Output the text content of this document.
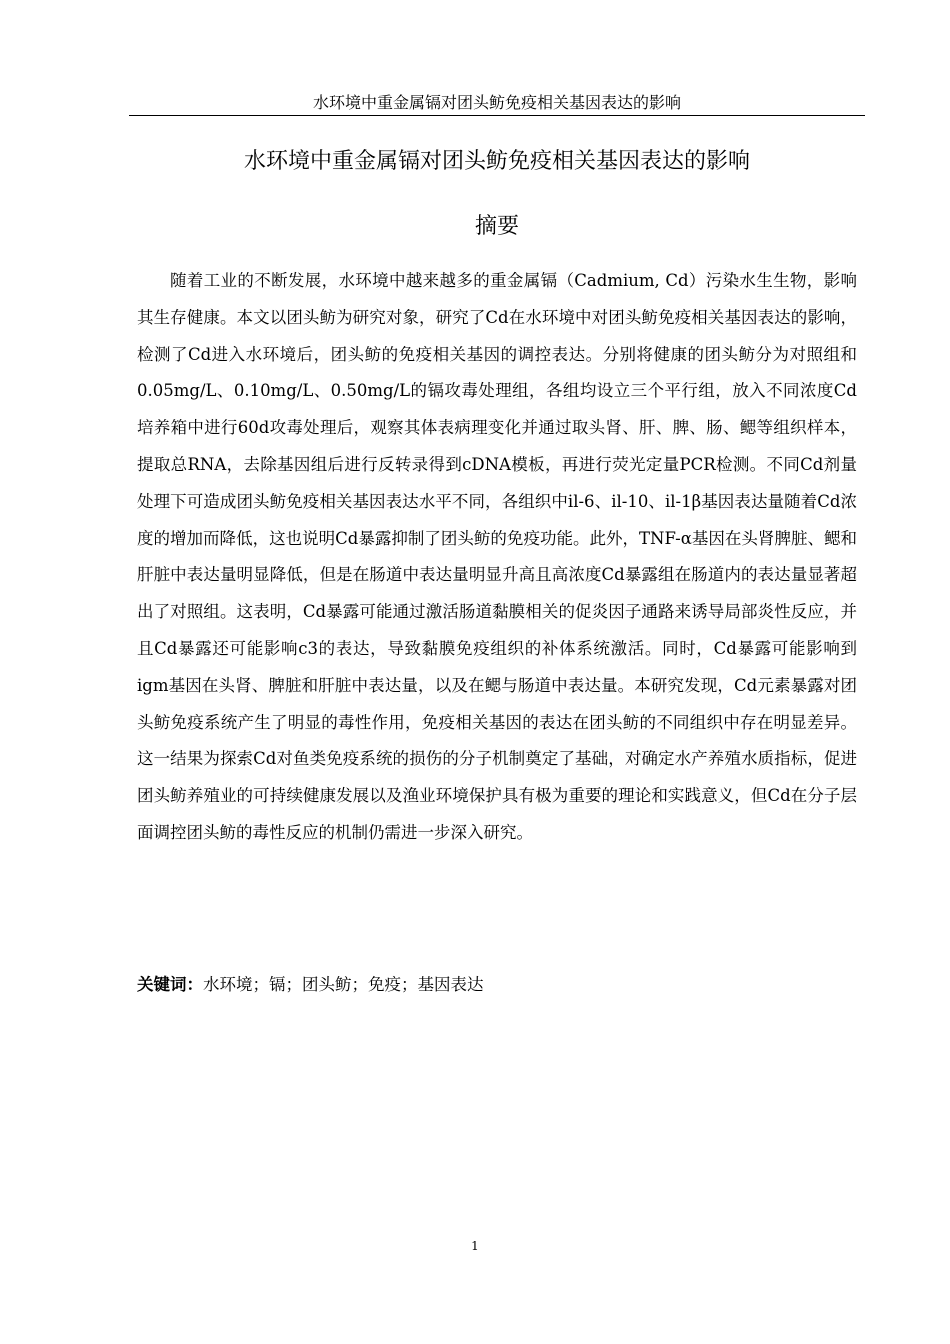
水环境中重金属镉对团头鲂免疫相关基因表达的影响
水环境中重金属镉对团头鲂免疫相关基因表达的影响
摘要

随着工业的不断发展，水环境中越来越多的重金属镉（Cadmium, Cd）污染水生生物，影响其生存健康。本文以团头鲂为研究对象，研究了Cd在水环境中对团头鲂免疫相关基因表达的影响，检测了Cd进入水环境后，团头鲂的免疫相关基因的调控表达。分别将健康的团头鲂分为对照组和0.05mg/L、0.10mg/L、0.50mg/L的镉攻毒处理组，各组均设立三个平行组，放入不同浓度Cd培养箱中进行60d攻毒处理后，观察其体表病理变化并通过取头肾、肝、脾、肠、鳃等组织样本，提取总RNA，去除基因组后进行反转录得到cDNA模板，再进行荧光定量PCR检测。不同Cd剂量处理下可造成团头鲂免疫相关基因表达水平不同，各组织中il-6、il-10、il-1β基因表达量随着Cd浓度的增加而降低，这也说明Cd暴露抑制了团头鲂的免疫功能。此外，TNF-α基因在头肾脾脏、鳃和肝脏中表达量明显降低，但是在肠道中表达量明显升高且高浓度Cd暴露组在肠道内的表达量显著超出了对照组。这表明，Cd暴露可能通过激活肠道黏膜相关的促炎因子通路来诱导局部炎性反应，并且Cd暴露还可能影响c3的表达，导致黏膜免疫组织的补体系统激活。同时，Cd暴露可能影响到igm基因在头肾、脾脏和肝脏中表达量，以及在鳃与肠道中表达量。本研究发现，Cd元素暴露对团头鲂免疫系统产生了明显的毒性作用，免疫相关基因的表达在团头鲂的不同组织中存在明显差异。这一结果为探索Cd对鱼类免疫系统的损伤的分子机制奠定了基础，对确定水产养殖水质指标，促进团头鲂养殖业的可持续健康发展以及渔业环境保护具有极为重要的理论和实践意义，但Cd在分子层面调控团头鲂的毒性反应的机制仍需进一步深入研究。

关键词：水环境；镉；团头鲂；免疫；基因表达
1
